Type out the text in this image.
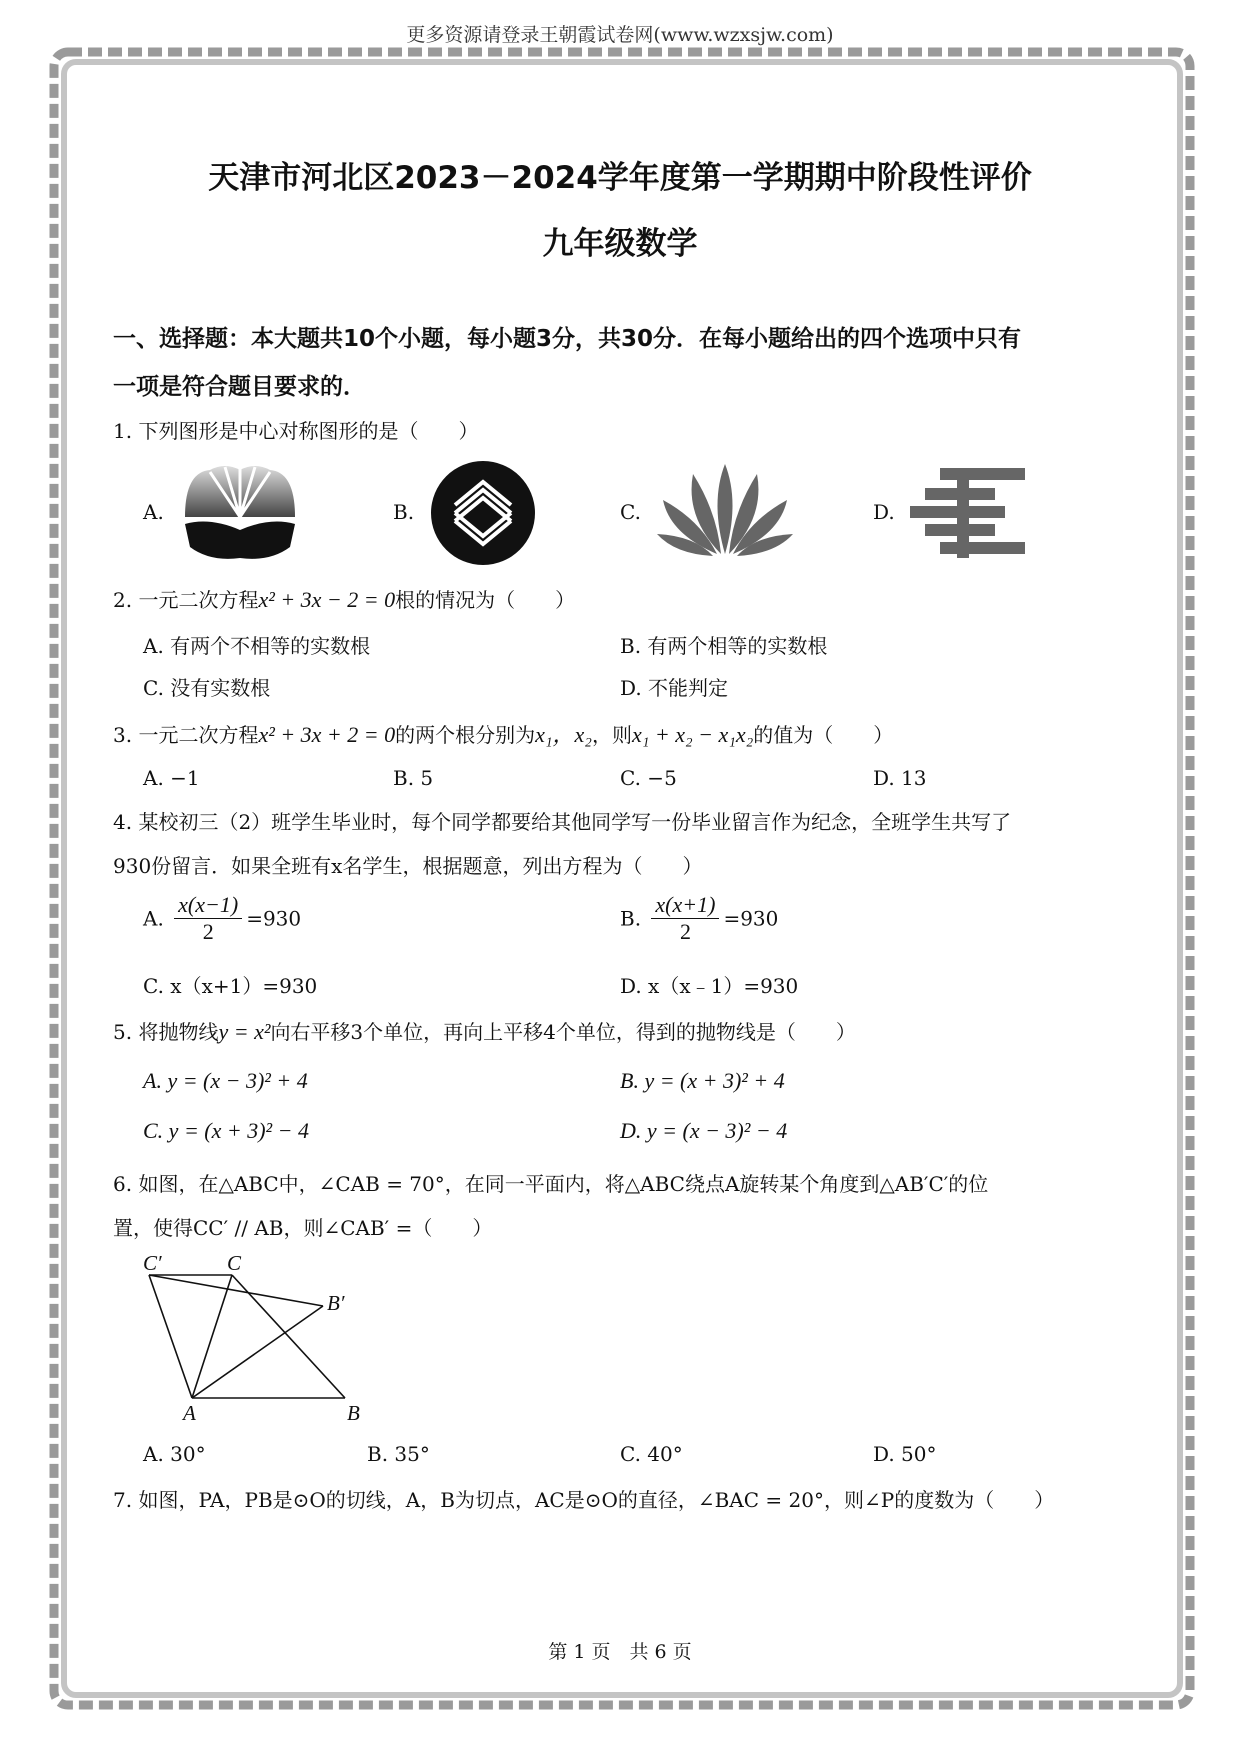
更多资源请登录王朝霞试卷网(www.wzxsjw.com)
天津市河北区2023－2024学年度第一学期期中阶段性评价
九年级数学
一、选择题：本大题共10个小题，每小题3分，共30分．在每小题给出的四个选项中只有
一项是符合题目要求的．
1. 下列图形是中心对称图形的是（　　）
A.	B.	C.	D.
2. 一元二次方程x² + 3x − 2 = 0根的情况为（　　）
A. 有两个不相等的实数根	B. 有两个相等的实数根
C. 没有实数根	D. 不能判定
3. 一元二次方程x² + 3x + 2 = 0的两个根分别为x₁，x₂，则x₁ + x₂ − x₁x₂的值为（　　）
A. −1	B. 5	C. −5	D. 13
4. 某校初三（2）班学生毕业时，每个同学都要给其他同学写一份毕业留言作为纪念，全班学生共写了
930份留言．如果全班有x名学生，根据题意，列出方程为（　　）
A. $\frac{x(x-1)}{2} =930$	B. $\frac{x(x+1)}{2} =930$
C. x（x+1）=930	D. x（x﹣1）=930
5. 将抛物线y = x²向右平移3个单位，再向上平移4个单位，得到的抛物线是（　　）
A. y = (x − 3)² + 4	B. y = (x + 3)² + 4
C. y = (x + 3)² − 4	D. y = (x − 3)² − 4
6. 如图，在△ABC中，∠CAB = 70°，在同一平面内，将△ABC绕点A旋转某个角度到△AB′C′的位
置，使得CC′ // AB，则∠CAB′ =（　　）
C′	C
B′
A	B
A. 30°	B. 35°	C. 40°	D. 50°
7. 如图，PA，PB是⊙O的切线，A，B为切点，AC是⊙O的直径，∠BAC = 20°，则∠P的度数为（　　）
第 1 页　共 6 页
